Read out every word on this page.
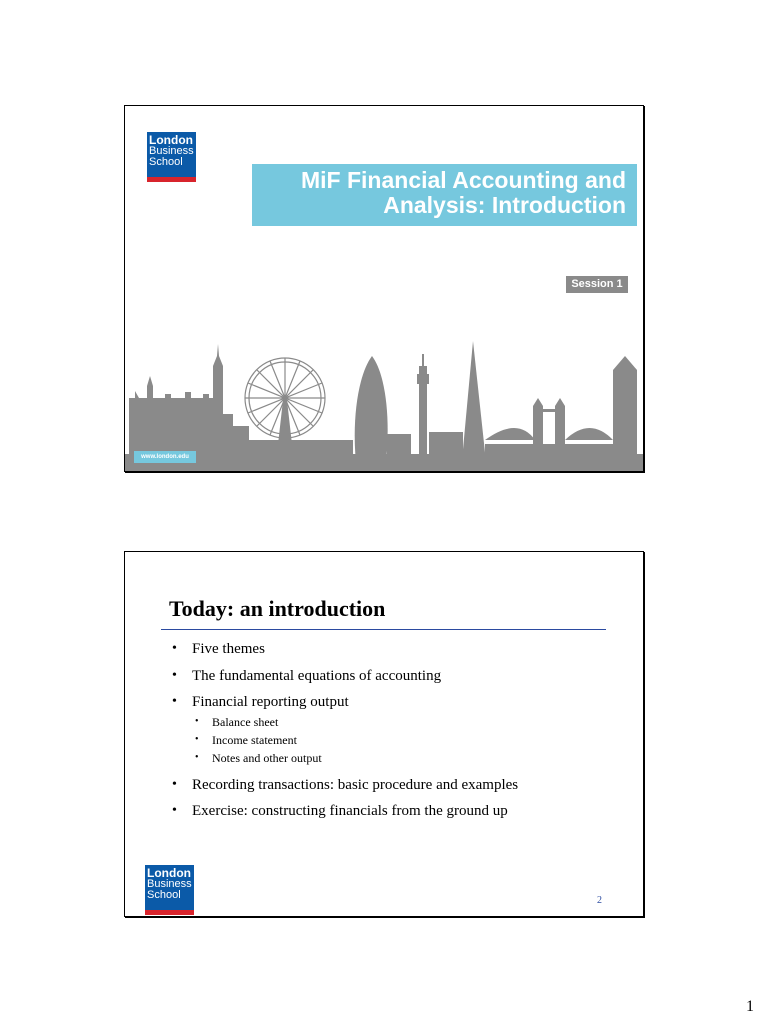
London
Business
School
MiF Financial Accounting and
Analysis: Introduction
Session 1
www.london.edu
Today: an introduction
• Five themes
• The fundamental equations of accounting
• Financial reporting output
• Balance sheet
• Income statement
• Notes and other output
• Recording transactions: basic procedure and examples
• Exercise: constructing financials from the ground up
London
Business
School	2
1
